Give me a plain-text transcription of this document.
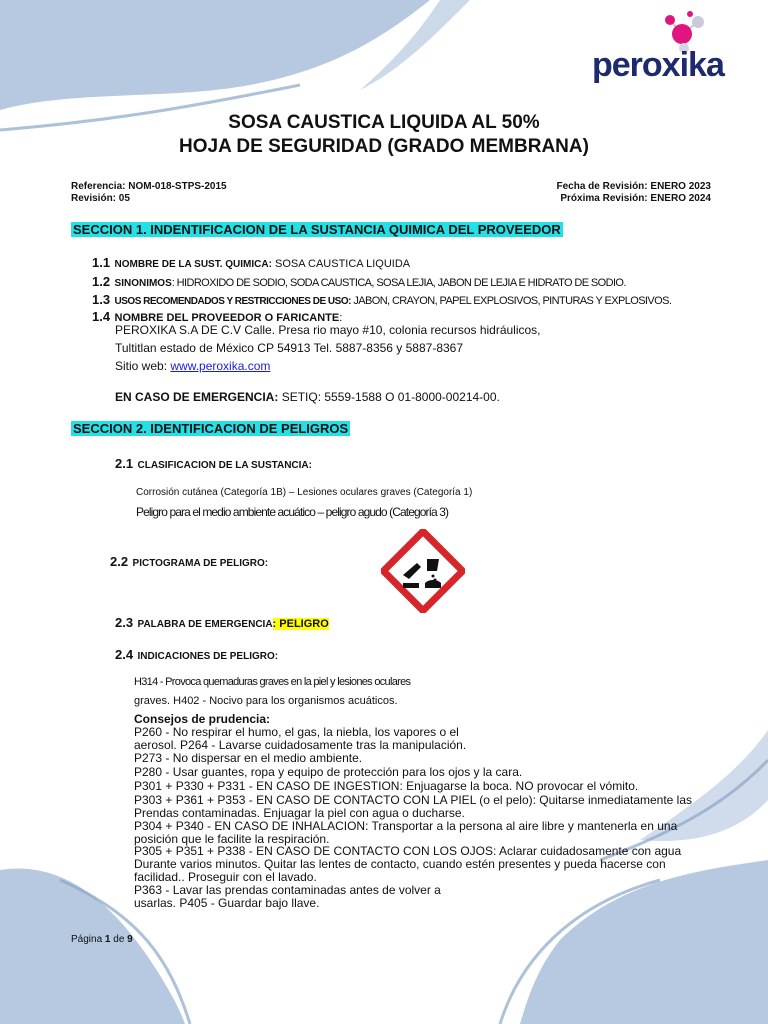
peroxika
SOSA CAUSTICA LIQUIDA AL 50%
HOJA DE SEGURIDAD (GRADO MEMBRANA)
Referencia: NOM-018-STPS-2015
Revisión: 05
Fecha de Revisión: ENERO 2023
Próxima Revisión: ENERO 2024
SECCION 1. INDENTIFICACION DE LA SUSTANCIA QUIMICA DEL PROVEEDOR
1.1 NOMBRE DE LA SUST. QUIMICA: SOSA CAUSTICA LIQUIDA
1.2 SINONIMOS: HIDROXIDO DE SODIO, SODA CAUSTICA, SOSA LEJIA, JABON DE LEJIA E HIDRATO DE SODIO.
1.3 USOS RECOMENDADOS Y RESTRICCIONES DE USO: JABON, CRAYON, PAPEL EXPLOSIVOS, PINTURAS Y EXPLOSIVOS.
1.4 NOMBRE DEL PROVEEDOR O FARICANTE:
PEROXIKA S.A DE C.V Calle. Presa rio mayo #10, colonia recursos hidráulicos,
Tultitlan estado de México CP 54913 Tel. 5887-8356 y 5887-8367
Sitio web: www.peroxika.com
EN CASO DE EMERGENCIA: SETIQ: 5559-1588 O 01-8000-00214-00.
SECCION 2. IDENTIFICACION DE PELIGROS
2.1 CLASIFICACION DE LA SUSTANCIA:
Corrosión cutánea (Categoría 1B) – Lesiones oculares graves (Categoría 1)
Peligro para el medio ambiente acuático – peligro agudo (Categoría 3)
2.2 PICTOGRAMA DE PELIGRO:
2.3 PALABRA DE EMERGENCIA: PELIGRO
2.4 INDICACIONES DE PELIGRO:
H314 - Provoca quemaduras graves en la piel y lesiones oculares
graves. H402 - Nocivo para los organismos acuáticos.
Consejos de prudencia:
P260 - No respirar el humo, el gas, la niebla, los vapores o el
aerosol. P264 - Lavarse cuidadosamente tras la manipulación.
P273 - No dispersar en el medio ambiente.
P280 - Usar guantes, ropa y equipo de protección para los ojos y la cara.
P301 + P330 + P331 - EN CASO DE INGESTION: Enjuagarse la boca. NO provocar el vómito.
P303 + P361 + P353 - EN CASO DE CONTACTO CON LA PIEL (o el pelo): Quitarse inmediatamente las
Prendas contaminadas. Enjuagar la piel con agua o ducharse.
P304 + P340 - EN CASO DE INHALACION: Transportar a la persona al aire libre y mantenerla en una
posición que le facilite la respiración.
P305 + P351 + P338 - EN CASO DE CONTACTO CON LOS OJOS: Aclarar cuidadosamente con agua
Durante varios minutos. Quitar las lentes de contacto, cuando estén presentes y pueda hacerse con
facilidad.. Proseguir con el lavado.
P363 - Lavar las prendas contaminadas antes de volver a
usarlas. P405 - Guardar bajo llave.
Página 1 de 9
